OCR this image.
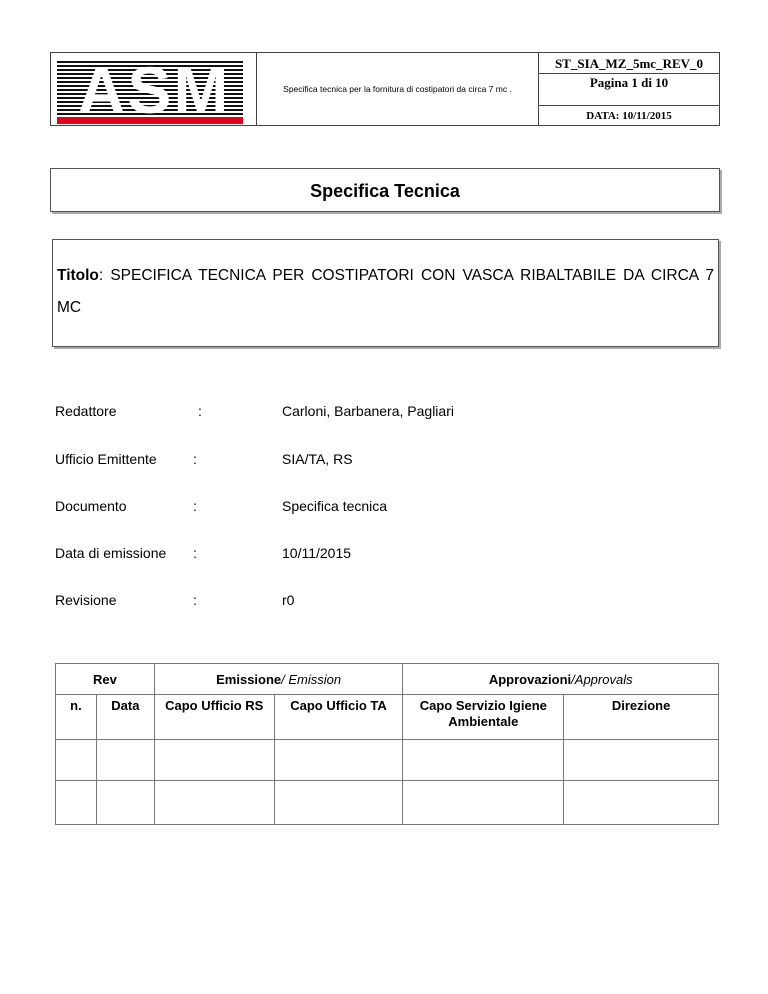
Specifica tecnica per la fornitura di costipatori da circa 7 mc .
ST_SIA_MZ_5mc_REV_0
Pagina 1 di 10
DATA: 10/11/2015
Specifica Tecnica
Titolo: SPECIFICA TECNICA PER COSTIPATORI CON VASCA RIBALTABILE DA CIRCA 7 MC
Redattore	:	Carloni, Barbanera, Pagliari
Ufficio Emittente	:	SIA/TA, RS
Documento	:	Specifica tecnica
Data di emissione :	10/11/2015
Revisione	:	r0
Rev		Emissione/ Emission		Approvazioni/Approvals	
n.	Data	Capo Ufficio RS	Capo Ufficio TA	Capo Servizio Igiene Ambientale	Direzione
